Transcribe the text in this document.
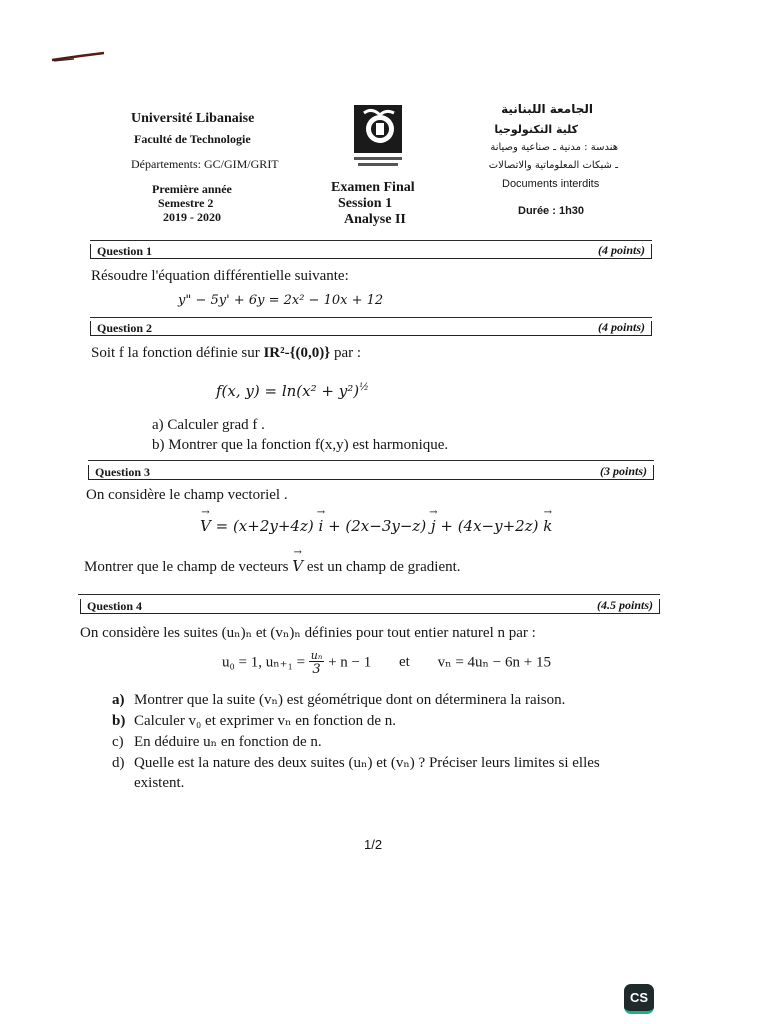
Université Libanaise
Faculté de Technologie
Départements: GC/GIM/GRIT
Première année
Semestre 2
2019 - 2020
Examen Final
Session 1
Analyse II
الجامعة اللبنانية
كلية التكنولوجيا
هندسة : مدنية ـ صناعية وصيانة
ـ شبكات المعلوماتية والاتصالات
Documents interdits
Durée : 1h30
Question 1	(4 points)
Résoudre l'équation différentielle suivante:
y" − 5y' + 6y = 2x² − 10x + 12
Question 2	(4 points)
Soit f la fonction définie sur IR²-{(0,0)} par :
f(x, $y) = \ln(x^2 + y^2)^{\frac{1}{2}}$
a) Calculer grad f .
b) Montrer que la fonction f(x,y) est harmonique.
Question 3	(3 points)
On considère le champ vectoriel .
→ V = (x+2y+4z) → i + (2x−3y−z) → j + (4x−y+2z) → k
Montrer que le champ de vecteurs → V est un champ de gradient.
Question 4	(4.5 points)
On considère les suites (uₙ)ₙ et (vₙ)ₙ définies pour tout entier naturel n par :
u₀ = 1, $u_{n+1} = \frac{\text{uₙ}}{3} + n - 1$ et vₙ = 4uₙ − 6n + 15
a) Montrer que la suite (vₙ) est géométrique dont on déterminera la raison.
b) Calculer v₀ et exprimer vₙ en fonction de n.
c) En déduire uₙ en fonction de n.
d) Quelle est la nature des deux suites (uₙ) et (vₙ) ? Préciser leurs limites si elles
existent.
1/2
CS
